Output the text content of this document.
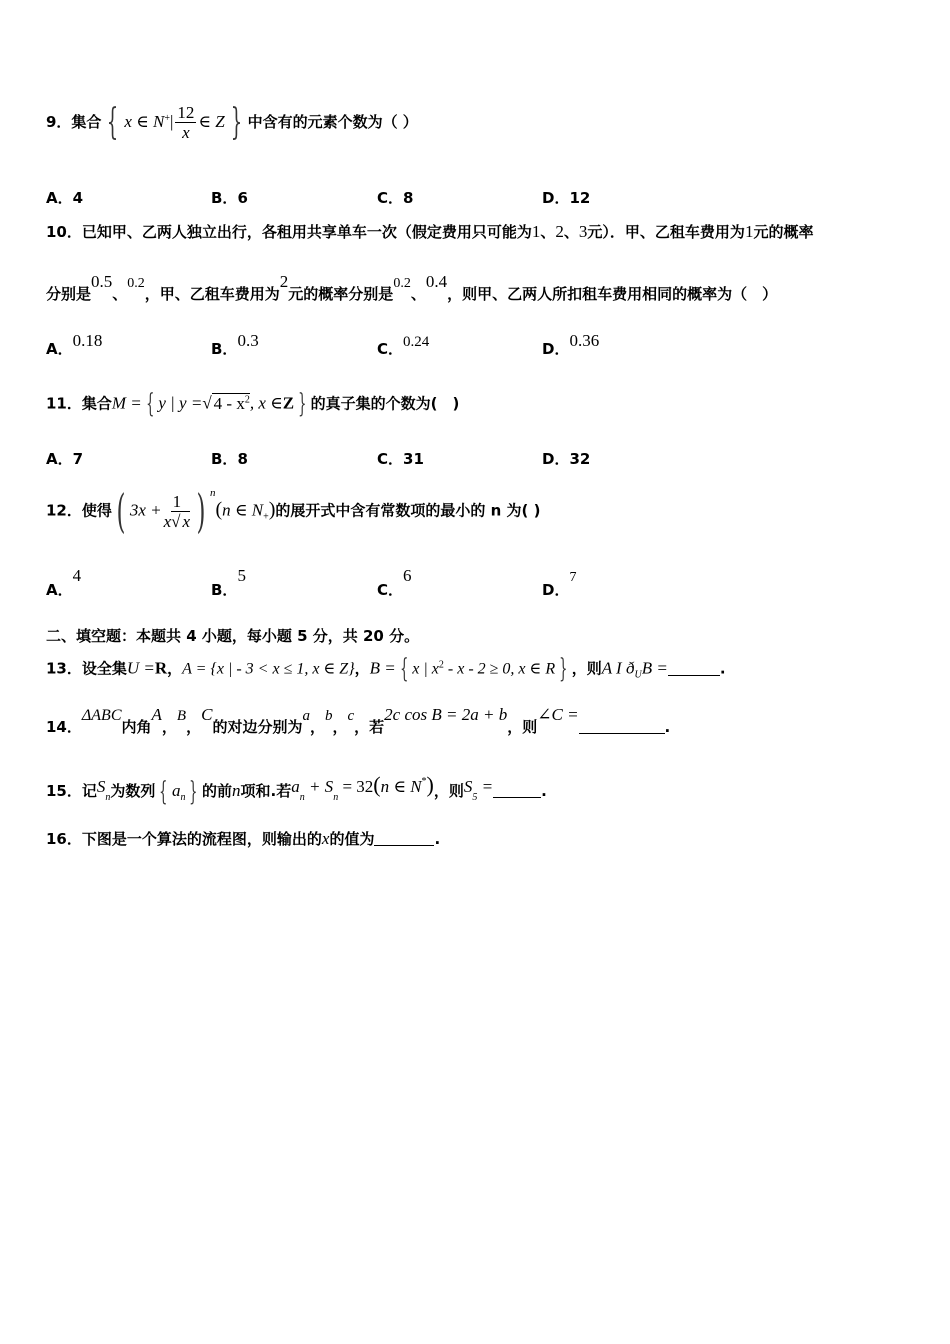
9．集合 { x ∈ $N^+| \frac{12}{x}$ ∈ Z } 中含有的元素个数为（ ）
A．4	B．6	C．8	D．12
10．已知甲、乙两人独立出行，各租用共享单车一次（假定费用只可能为1、2、3元）．甲、乙租车费用为1元的概率
分别是0.5、0.2，甲、乙租车费用为2元的概率分别是0.2、0.4，则甲、乙两人所扣租车费用相同的概率为（　）
A．0.18	B．0.3	C．0.24	D．0.36
11．集合M = { y | y =√ $4 - x^2$, x ∈Z } 的真子集的个数为(　)
A．7	B．8	C．31	D．32
12．使得( $3x + \frac{1}{x√ x}$ ) $^n$(n ∈ $N_+$)的展开式中含有常数项的最小的 n 为( )
A．4
B．5
C．6
D．7
二、填空题：本题共 4 小题，每小题 5 分，共 20 分。
13．设全集U =R，A = {x | - 3 < x ≤ 1, x ∈ Z}，B = { x | $x^2 - x - 2 \ge 0$, x ∈ R } ，则A I $ð_UB$ =	.
14．ΔABC内角A，B，C的对边分别为a，b，c，若2c cos B = 2a + b，则∠C =.
15．记$S_n$为数列 { $a_n$ } 的前n项和.若$a_n + S_n = 32(n$ ∈ N*)，则$S_5$ =	.
16．下图是一个算法的流程图，则输出的x的值为	.
